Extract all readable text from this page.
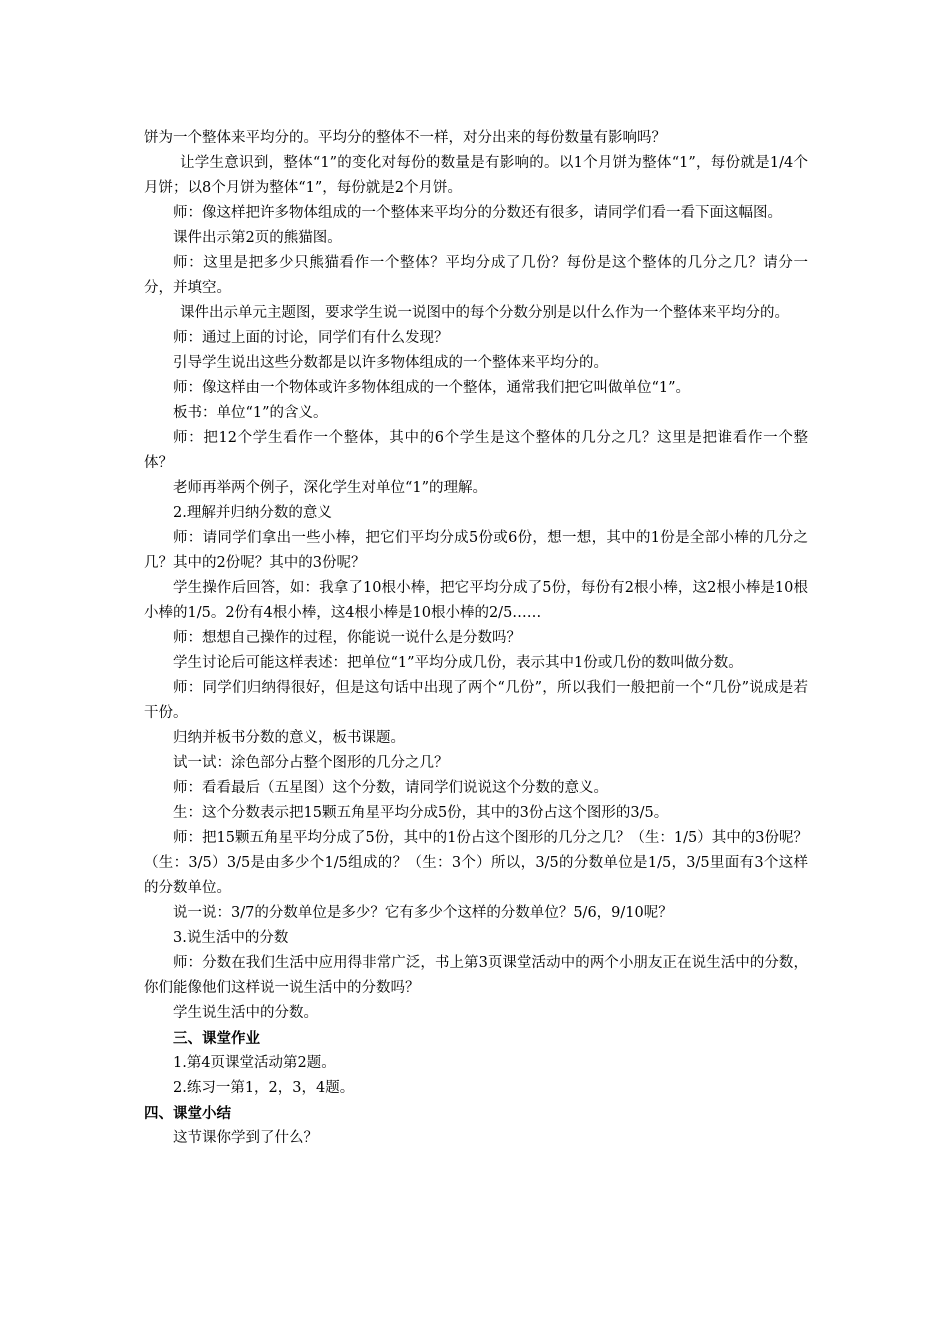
饼为一个整体来平均分的。平均分的整体不一样，对分出来的每份数量有影响吗？

让学生意识到，整体“1”的变化对每份的数量是有影响的。以1个月饼为整体“1”，每份就是1/4个月饼；以8个月饼为整体“1”，每份就是2个月饼。

师：像这样把许多物体组成的一个整体来平均分的分数还有很多，请同学们看一看下面这幅图。

课件出示第2页的熊猫图。

师：这里是把多少只熊猫看作一个整体？平均分成了几份？每份是这个整体的几分之几？请分一分，并填空。

课件出示单元主题图，要求学生说一说图中的每个分数分别是以什么作为一个整体来平均分的。

师：通过上面的讨论，同学们有什么发现？

引导学生说出这些分数都是以许多物体组成的一个整体来平均分的。

师：像这样由一个物体或许多物体组成的一个整体，通常我们把它叫做单位“1”。

板书：单位“1”的含义。

师：把12个学生看作一个整体，其中的6个学生是这个整体的几分之几？这里是把谁看作一个整体？

老师再举两个例子，深化学生对单位“1”的理解。

2.理解并归纳分数的意义

师：请同学们拿出一些小棒，把它们平均分成5份或6份，想一想，其中的1份是全部小棒的几分之几？其中的2份呢？其中的3份呢？

学生操作后回答，如：我拿了10根小棒，把它平均分成了5份，每份有2根小棒，这2根小棒是10根小棒的1/5。2份有4根小棒，这4根小棒是10根小棒的2/5……

师：想想自己操作的过程，你能说一说什么是分数吗？

学生讨论后可能这样表述：把单位“1”平均分成几份，表示其中1份或几份的数叫做分数。

师：同学们归纳得很好，但是这句话中出现了两个“几份”，所以我们一般把前一个“几份”说成是若干份。

归纳并板书分数的意义，板书课题。

试一试：涂色部分占整个图形的几分之几？

师：看看最后（五星图）这个分数，请同学们说说这个分数的意义。

生：这个分数表示把15颗五角星平均分成5份，其中的3份占这个图形的3/5。

师：把15颗五角星平均分成了5份，其中的1份占这个图形的几分之几？（生：1/5）其中的3份呢？（生：3/5）3/5是由多少个1/5组成的？（生：3个）所以，3/5的分数单位是1/5，3/5里面有3个这样的分数单位。

说一说：3/7的分数单位是多少？它有多少个这样的分数单位？5/6，9/10呢？

3.说生活中的分数

师：分数在我们生活中应用得非常广泛，书上第3页课堂活动中的两个小朋友正在说生活中的分数，你们能像他们这样说一说生活中的分数吗？

学生说生活中的分数。

三、课堂作业

1.第4页课堂活动第2题。

2.练习一第1，2，3，4题。

四、课堂小结

这节课你学到了什么？
